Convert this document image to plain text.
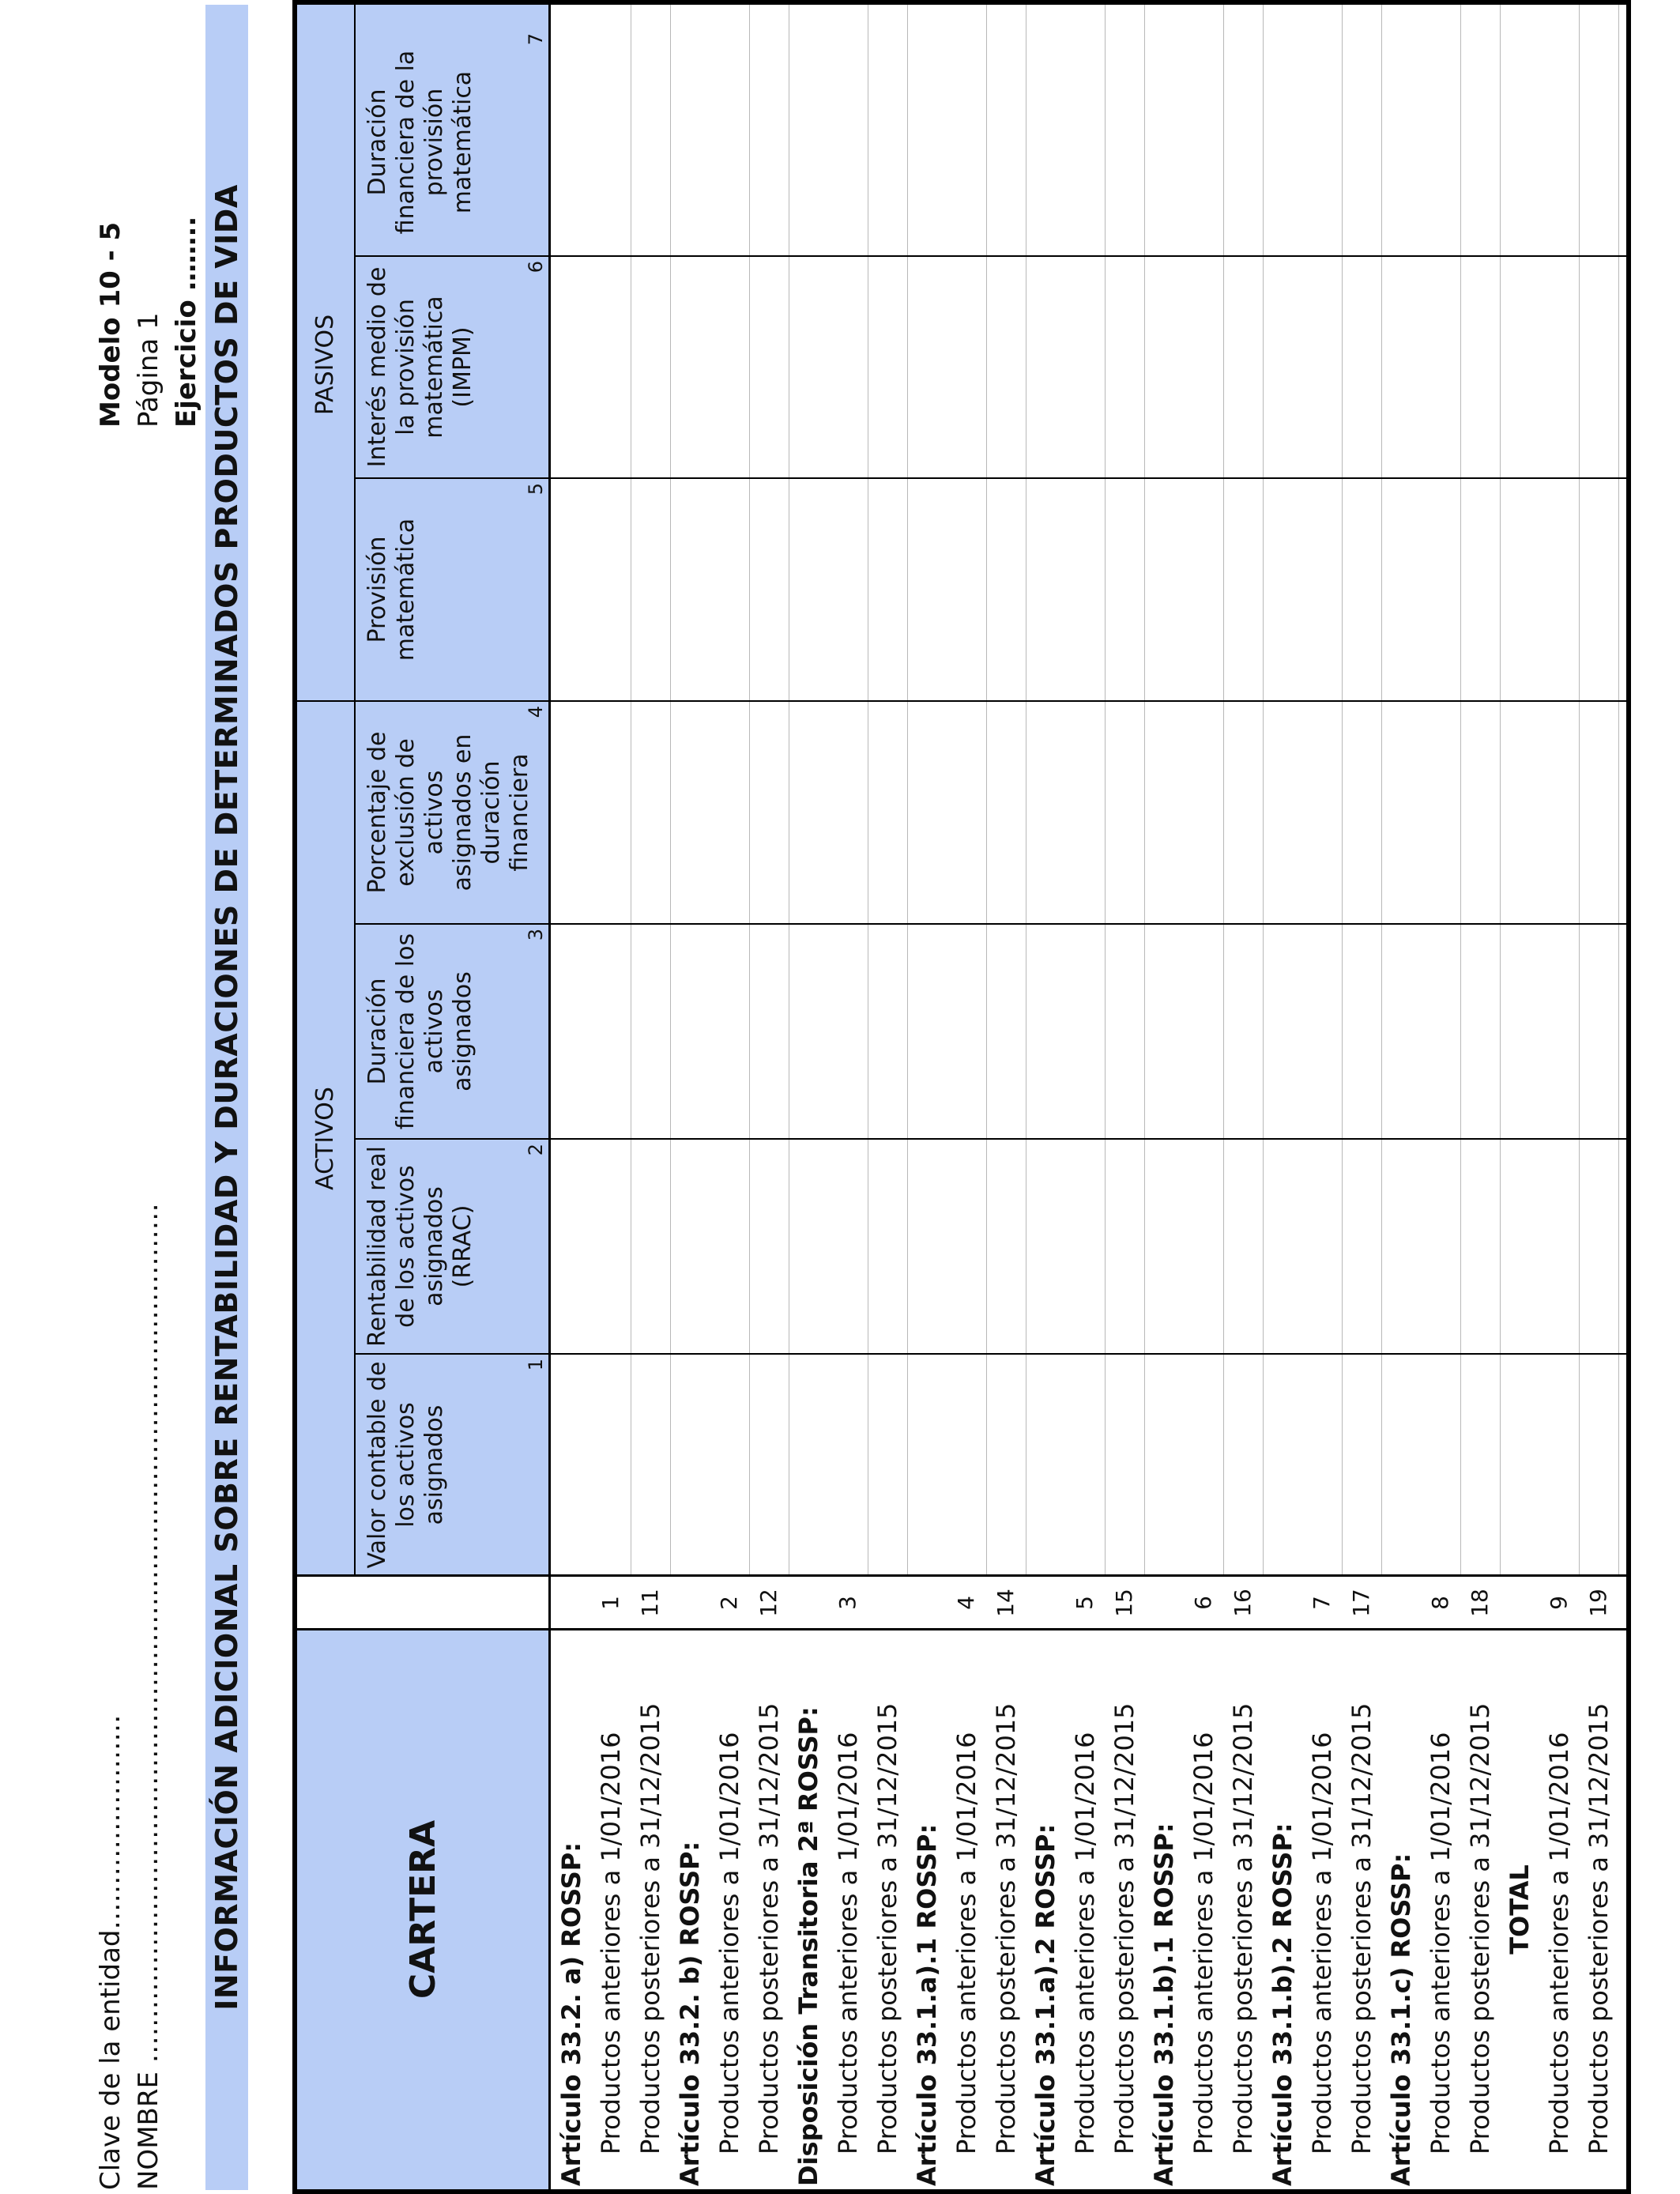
Clave de la entidad…………………… NOMBRE ……………………………………………………………………………………
Modelo 10 - 5 Página 1 Ejercicio …….. INFORMACIÓN ADICIONAL SOBRE RENTABILIDAD Y DURACIONES DE DETERMINADOS PRODUCTOS DE VIDA	CARTERA
ACTIVOS
PASIVOS
Valor contable de los activos asignados
1
Rentabilidad real de los activos asignados (RRAC)
2
Duración financiera de los activos asignados
3
Porcentaje de exclusión de activos asignados en duración financiera
4
Provisión matemática
5
Interés medio de la provisión matemática (IMPM)
6
Duración financiera de la provisión matemática
7
Artículo 33.2. a) ROSSP: Productos anteriores a 1/01/2016
1
Productos posteriores a 31/12/2015
11
Artículo 33.2. b) ROSSP: Productos anteriores a 1/01/2016
2
Productos posteriores a 31/12/2015
12
Disposición Transitoria 2ª ROSSP: Productos anteriores a 1/01/2016
3
Productos posteriores a 31/12/2015 Artículo 33.1.a).1 ROSSP: Productos anteriores a 1/01/2016
4
Productos posteriores a 31/12/2015
14
Artículo 33.1.a).2 ROSSP: Productos anteriores a 1/01/2016
5
Productos posteriores a 31/12/2015
15
Artículo 33.1.b).1 ROSSP: Productos anteriores a 1/01/2016
6
Productos posteriores a 31/12/2015
16
Artículo 33.1.b).2 ROSSP: Productos anteriores a 1/01/2016
7
Productos posteriores a 31/12/2015
17
Artículo 33.1.c) ROSSP: Productos anteriores a 1/01/2016
8
Productos posteriores a 31/12/2015
18
TOTAL Productos anteriores a 1/01/2016
9
Productos posteriores a 31/12/2015
19
